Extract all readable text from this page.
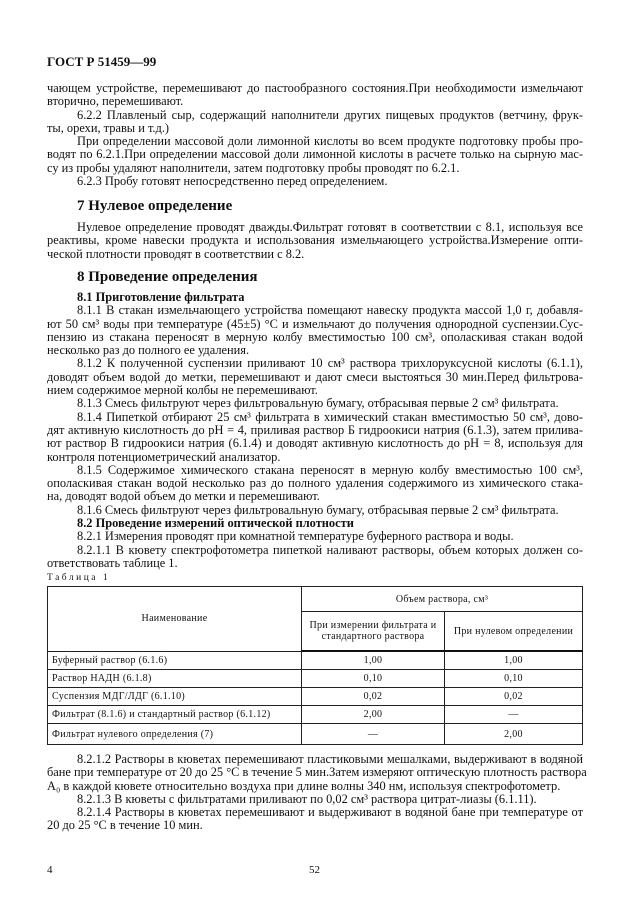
ГОСТ Р 51459—99
чающем устройстве, перемешивают до пастообразного состояния.При необходимости измельчают
вторично, перемешивают.
6.2.2 Плавленый сыр, содержащий наполнители других пищевых продуктов (ветчину, фрук-
ты, орехи, травы и т.д.)
При определении массовой доли лимонной кислоты во всем продукте подготовку пробы про-
водят по 6.2.1.При определении массовой доли лимонной кислоты в расчете только на сырную мас-
су из пробы удаляют наполнители, затем подготовку пробы проводят по 6.2.1.
6.2.3 Пробу готовят непосредственно перед определением.
7 Нулевое определение
Нулевое определение проводят дважды.Фильтрат готовят в соответствии с 8.1, используя все
реактивы, кроме навески продукта и использования измельчающего устройства.Измерение опти-
ческой плотности проводят в соответствии с 8.2.
8 Проведение определения
8.1 Приготовление фильтрата
8.1.1 В стакан измельчающего устройства помещают навеску продукта массой 1,0 г, добавля-
ют 50 см³ воды при температуре (45±5) °С и измельчают до получения однородной суспензии.Сус-
пензию из стакана переносят в мерную колбу вместимостью 100 см³, ополаскивая стакан водой
несколько раз до полного ее удаления.
8.1.2 К полученной суспензии приливают 10 см³ раствора трихлоруксусной кислоты (6.1.1),
доводят объем водой до метки, перемешивают и дают смеси выстояться 30 мин.Перед фильтрова-
нием содержимое мерной колбы не перемешивают.
8.1.3 Смесь фильтруют через фильтровальную бумагу, отбрасывая первые 2 см³ фильтрата.
8.1.4 Пипеткой отбирают 25 см³ фильтрата в химический стакан вместимостью 50 см³, дово-
дят активную кислотность до рН = 4, приливая раствор Б гидроокиси натрия (6.1.3), затем прилива-
ют раствор В гидроокиси натрия (6.1.4) и доводят активную кислотность до рН = 8, используя для
контроля потенциометрический анализатор.
8.1.5 Содержимое химического стакана переносят в мерную колбу вместимостью 100 см³,
ополаскивая стакан водой несколько раз до полного удаления содержимого из химического стака-
на, доводят водой объем до метки и перемешивают.
8.1.6 Смесь фильтруют через фильтровальную бумагу, отбрасывая первые 2 см³ фильтрата.
8.2 Проведение измерений оптической плотности
8.2.1 Измерения проводят при комнатной температуре буферного раствора и воды.
8.2.1.1 В кювету спектрофотометра пипеткой наливают растворы, объем которых должен со-
ответствовать таблице 1.
Таблица 1
Наименование	Объем раствора, см³	
	При измерении фильтрата и стандартного раствора	При нулевом определении
Буферный раствор (6.1.6)	1,00	1,00
Раствор НАДН (6.1.8)	0,10	0,10
Суспензия МДГ/ЛДГ (6.1.10)	0,02	0,02
Фильтрат (8.1.6) и стандартный раствор (6.1.12)	2,00	—
Фильтрат нулевого определения (7)	—	2,00
8.2.1.2 Растворы в кюветах перемешивают пластиковыми мешалками, выдерживают в водяной
бане при температуре от 20 до 25 °С в течение 5 мин.Затем измеряют оптическую плотность раствора
A₀ в каждой кювете относительно воздуха при длине волны 340 нм, используя спектрофотометр.
8.2.1.3 В кюветы с фильтратами приливают по 0,02 см³ раствора цитрат-лиазы (6.1.11).
8.2.1.4 Растворы в кюветах перемешивают и выдерживают в водяной бане при температуре от
20 до 25 °С в течение 10 мин.
4	52
